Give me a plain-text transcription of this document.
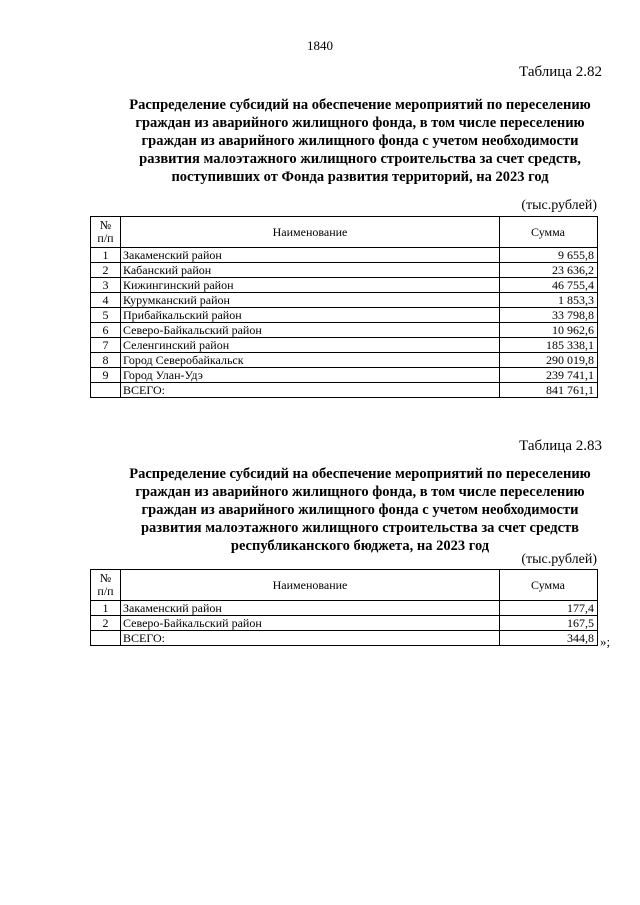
1840
Таблица 2.82
Распределение субсидий на обеспечение мероприятий по переселению
граждан из аварийного жилищного фонда, в том числе переселению
граждан из аварийного жилищного фонда с учетом необходимости
развития малоэтажного жилищного строительства за счет средств,
поступивших от Фонда развития территорий, на 2023 год
(тыс.рублей)
№
п/п	Наименование	Сумма
1	Закаменский район	9 655,8
2	Кабанский район	23 636,2
3	Кижингинский район	46 755,4
4	Курумканский район	1 853,3
5	Прибайкальский район	33 798,8
6	Северо-Байкальский район	10 962,6
7	Селенгинский район	185 338,1
8	Город Северобайкальск	290 019,8
9	Город Улан-Удэ	239 741,1
	ВСЕГО:	841 761,1
Таблица 2.83
Распределение субсидий на обеспечение мероприятий по переселению
граждан из аварийного жилищного фонда, в том числе переселению
граждан из аварийного жилищного фонда с учетом необходимости
развития малоэтажного жилищного строительства за счет средств
республиканского бюджета, на 2023 год
(тыс.рублей)
№
п/п	Наименование	Сумма
1	Закаменский район	177,4
2	Северо-Байкальский район	167,5
	ВСЕГО:	344,8 »;
